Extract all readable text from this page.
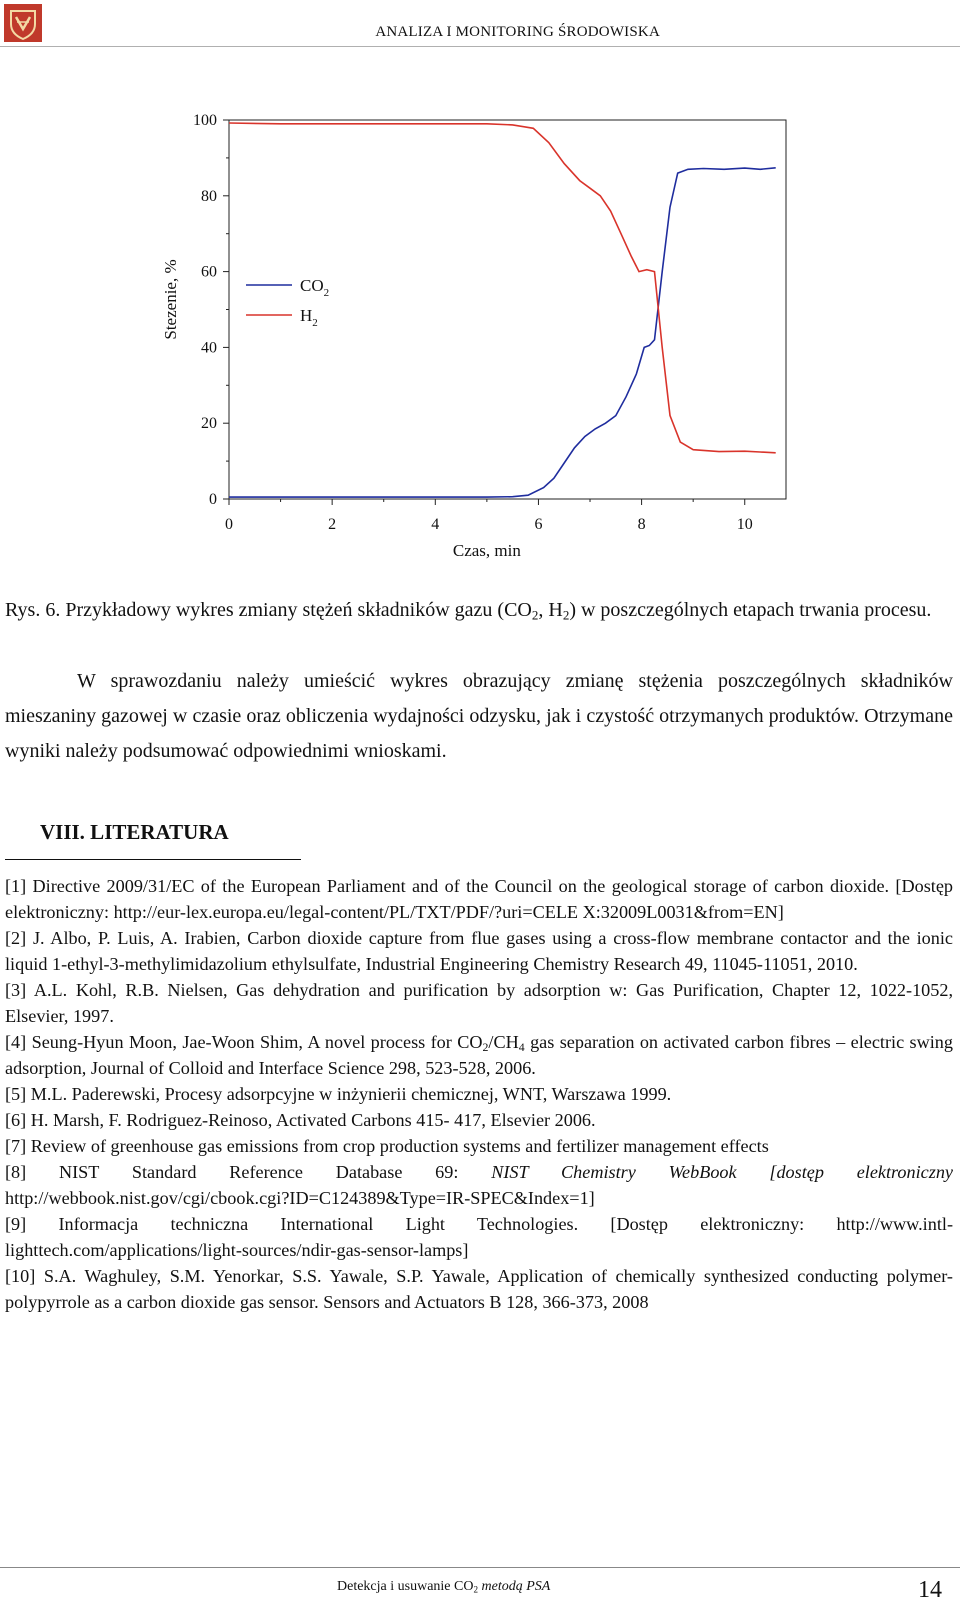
ANALIZA I MONITORING ŚRODOWISKA
0
20
40
60
80
100
0	2	4	6	8	10
Czas, min
Stezenie, %	$CO_2$
$H_2$
Rys. 6. Przykładowy wykres zmiany stężeń składników gazu ($CO_2$, $H_2$) w poszczególnych etapach trwania procesu.
W sprawozdaniu należy umieścić wykres obrazujący zmianę stężenia poszczególnych składników mieszaniny gazowej w czasie oraz obliczenia wydajności odzysku, jak i czystość otrzymanych produktów. Otrzymane wyniki należy podsumować odpowiednimi wnioskami.
VIII. LITERATURA

[1] Directive 2009/31/EC of the European Parliament and of the Council on the geological storage of carbon dioxide. [Dostęp elektroniczny: http://eur-lex.europa.eu/legal-content/PL/TXT/PDF/?uri=CELE X:32009L0031&from=EN]

[2] J. Albo, P. Luis, A. Irabien, Carbon dioxide capture from flue gases using a cross-flow membrane contactor and the ionic liquid 1-ethyl-3-methylimidazolium ethylsulfate, Industrial Engineering Chemistry Research 49, 11045-11051, 2010.

[3] A.L. Kohl, R.B. Nielsen, Gas dehydration and purification by adsorption w: Gas Purification, Chapter 12, 1022-1052, Elsevier, 1997.

[4] Seung-Hyun Moon, Jae-Woon Shim, A novel process for $CO_2/CH_4$ gas separation on activated carbon fibres – electric swing adsorption, Journal of Colloid and Interface Science 298, 523-528, 2006.

[5] M.L. Paderewski, Procesy adsorpcyjne w inżynierii chemicznej, WNT, Warszawa 1999.

[6] H. Marsh, F. Rodriguez-Reinoso, Activated Carbons 415- 417, Elsevier 2006.

[7] Review of greenhouse gas emissions from crop production systems and fertilizer management effects

[8] NIST Standard Reference Database 69: NIST Chemistry WebBook [dostęp elektroniczny http://webbook.nist.gov/cgi/cbook.cgi?ID=C124389&Type=IR-SPEC&Index=1]

[9] Informacja techniczna International Light Technologies. [Dostęp elektroniczny: http://www.intl-lighttech.com/applications/light-sources/ndir-gas-sensor-lamps]

[10] S.A. Waghuley, S.M. Yenorkar, S.S. Yawale, S.P. Yawale, Application of chemically synthesized conducting polymer-polypyrrole as a carbon dioxide gas sensor. Sensors and Actuators B 128, 366-373, 2008

Detekcja i usuwanie $CO_2$ metodą PSA	14
